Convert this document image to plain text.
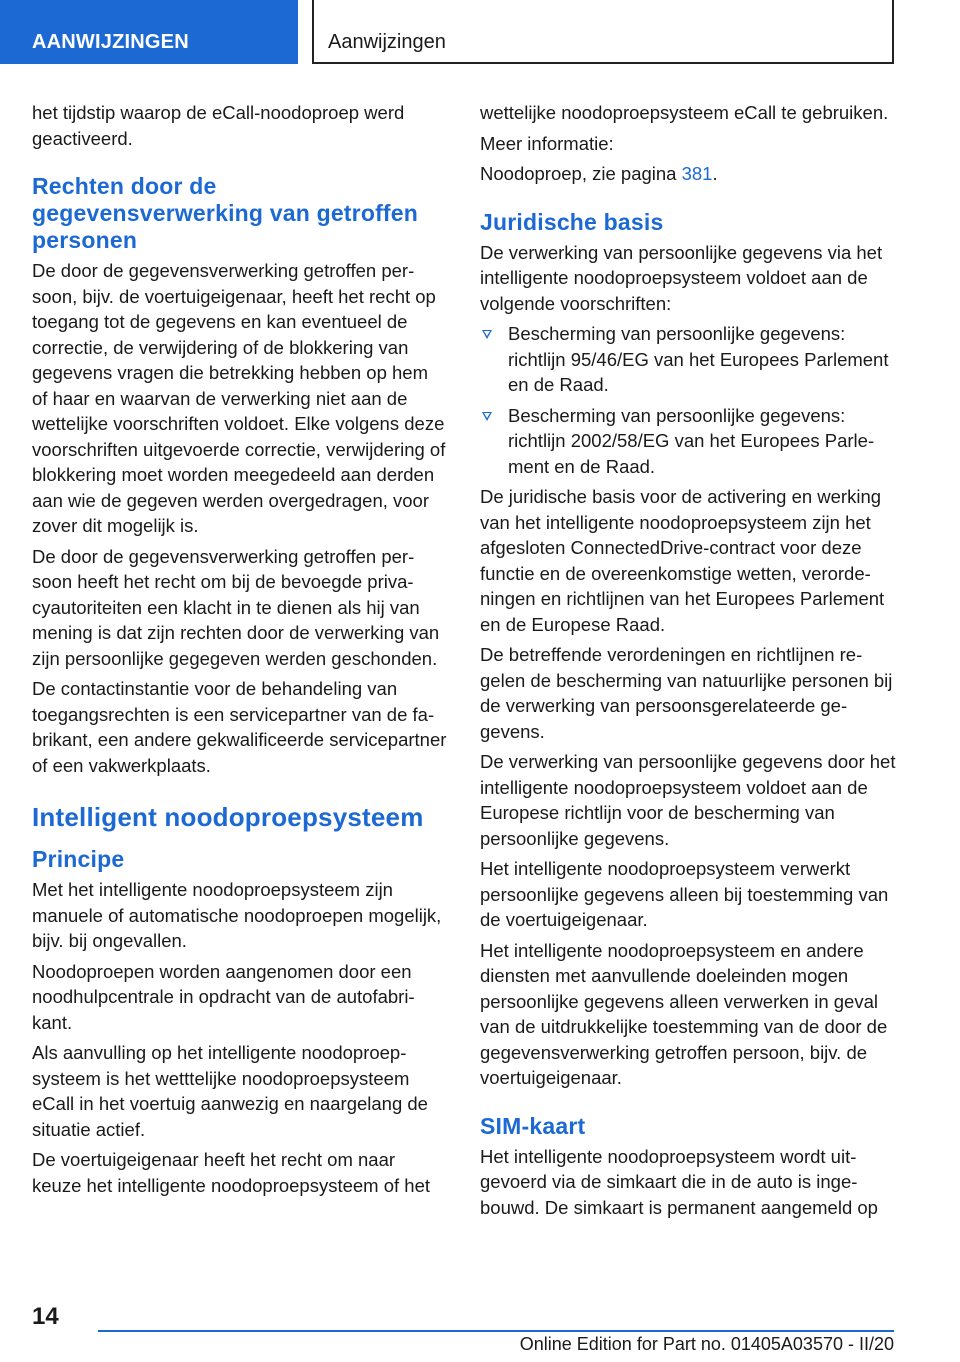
AANWIJZINGEN	Aanwijzingen

het tijdstip waarop de eCall-noodoproep werd geactiveerd.

Rechten door de gegevensverwerking van getroffen personen

De door de gegevensverwerking getroffen persoon, bijv. de voertuigeigenaar, heeft het recht op toegang tot de gegevens en kan eventueel de correctie, de verwijdering of de blokkering van gegevens vragen die betrekking hebben op hem of haar en waarvan de verwerking niet aan de wettelijke voorschriften voldoet. Elke volgens deze voorschriften uitgevoerde correctie, verwijdering of blokkering moet worden meegedeeld aan derden aan wie de gegeven werden overgedragen, voor zover dit mogelijk is.

De door de gegevensverwerking getroffen persoon heeft het recht om bij de bevoegde privacyautoriteiten een klacht in te dienen als hij van mening is dat zijn rechten door de verwerking van zijn persoonlijke gegegeven werden geschonden.

De contactinstantie voor de behandeling van toegangsrechten is een servicepartner van de fabrikant, een andere gekwalificeerde servicepartner of een vakwerkplaats.

Intelligent noodoproepsysteem
Principe

Met het intelligente noodoproepsysteem zijn manuele of automatische noodoproepen mogelijk, bijv. bij ongevallen.

Noodoproepen worden aangenomen door een noodhulpcentrale in opdracht van de autofabrikant.

Als aanvulling op het intelligente noodoproepsysteem is het wetttelijke noodoproepsysteem eCall in het voertuig aanwezig en naargelang de situatie actief.

De voertuigeigenaar heeft het recht om naar keuze het intelligente noodoproepsysteem of het

wettelijke noodoproepsysteem eCall te gebruiken.

Meer informatie:

Noodoproep, zie pagina 381.

Juridische basis

De verwerking van persoonlijke gegevens via het intelligente noodoproepsysteem voldoet aan de volgende voorschriften:

Bescherming van persoonlijke gegevens: richtlijn 95/46/EG van het Europees Parlement en de Raad.
Bescherming van persoonlijke gegevens: richtlijn 2002/58/EG van het Europees Parlement en de Raad.

De juridische basis voor de activering en werking van het intelligente noodoproepsysteem zijn het afgesloten ConnectedDrive-contract voor deze functie en de overeenkomstige wetten, verordeningen en richtlijnen van het Europees Parlement en de Europese Raad.

De betreffende verordeningen en richtlijnen regelen de bescherming van natuurlijke personen bij de verwerking van persoonsgerelateerde gegevens.

De verwerking van persoonlijke gegevens door het intelligente noodoproepsysteem voldoet aan de Europese richtlijn voor de bescherming van persoonlijke gegevens.

Het intelligente noodoproepsysteem verwerkt persoonlijke gegevens alleen bij toestemming van de voertuigeigenaar.

Het intelligente noodoproepsysteem en andere diensten met aanvullende doeleinden mogen persoonlijke gegevens alleen verwerken in geval van de uitdrukkelijke toestemming van de door de gegevensverwerking getroffen persoon, bijv. de voertuigeigenaar.

SIM-kaart

Het intelligente noodoproepsysteem wordt uitgevoerd via de simkaart die in de auto is ingebouwd. De simkaart is permanent aangemeld op

14
Online Edition for Part no. 01405A03570 - II/20
